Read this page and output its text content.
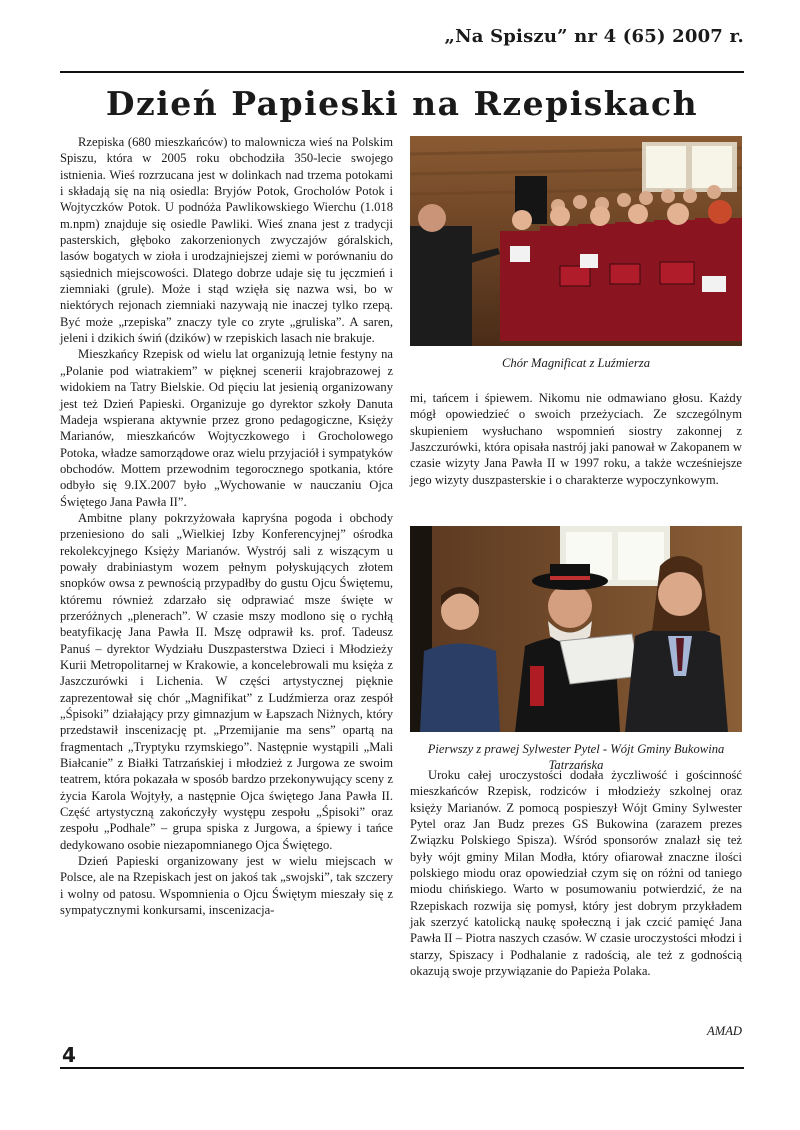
„Na Spiszu” nr 4 (65) 2007 r.
Dzień Papieski na Rzepiskach

Rzepiska (680 mieszkańców) to malownicza wieś na Polskim Spiszu, która w 2005 roku obchodziła 350-lecie swojego istnienia. Wieś rozrzucana jest w dolinkach nad trzema potokami i składają się na nią osiedla: Bryjów Potok, Grocholów Potok i Wojtyczków Potok. U podnóża Pawlikowskiego Wierchu (1.018 m.npm) znajduje się osiedle Pawliki. Wieś znana jest z tradycji pasterskich, głęboko zakorzenionych zwyczajów góralskich, lasów bogatych w zioła i urodzajniejszej ziemi w porównaniu do sąsiednich miejscowości. Dlatego dobrze udaje się tu jęczmień i ziemniaki (grule). Może i stąd wzięła się nazwa wsi, bo w niektórych rejonach ziemniaki nazywają nie inaczej tylko rzepą. Być może „rzepiska” znaczy tyle co zryte „gruliska”. A saren, jeleni i dzikich świń (dzików) w rzepiskich lasach nie brakuje.

Mieszkańcy Rzepisk od wielu lat organizują letnie festyny na „Polanie pod wiatrakiem” w pięknej scenerii krajobrazowej z widokiem na Tatry Bielskie. Od pięciu lat jesienią organizowany jest też Dzień Papieski. Organizuje go dyrektor szkoły Danuta Madeja wspierana aktywnie przez grono pedagogiczne, Księży Marianów, mieszkańców Wojtyczkowego i Grocholowego Potoka, władze samorządowe oraz wielu przyjaciół i sympatyków obchodów. Mottem przewodnim tegorocznego spotkania, które odbyło się 9.IX.2007 było „Wychowanie w nauczaniu Ojca Świętego Jana Pawła II”.

Ambitne plany pokrzyżowała kapryśna pogoda i obchody przeniesiono do sali „Wielkiej Izby Konferencyjnej” ośrodka rekolekcyjnego Księży Marianów. Wystrój sali z wiszącym u powały drabiniastym wozem pełnym połyskujących złotem snopków owsa z pewnością przypadłby do gustu Ojcu Świętemu, któremu również zdarzało się odprawiać msze święte w przeróżnych „plenerach”. W czasie mszy modlono się o rychłą beatyfikację Jana Pawła II. Mszę odprawił ks. prof. Tadeusz Panuś – dyrektor Wydziału Duszpasterstwa Dzieci i Młodzieży Kurii Metropolitarnej w Krakowie, a koncelebrowali mu księża z Jaszczurówki i Lichenia. W części artystycznej pięknie zaprezentował się chór „Magnifikat” z Ludźmierza oraz zespół „Śpisoki” działający przy gimnazjum w Łapszach Niżnych, który przedstawił inscenizację pt. „Przemijanie ma sens” opartą na fragmentach „Tryptyku rzymskiego”. Następnie wystąpili „Mali Białcanie” z Białki Tatrzańskiej i młodzież z Jurgowa ze swoim teatrem, która pokazała w sposób bardzo przekonywujący sceny z życia Karola Wojtyły, a następnie Ojca świętego Jana Pawła II. Część artystyczną zakończyły występu zespołu „Śpisoki” oraz zespołu „Podhale” – grupa spiska z Jurgowa, a śpiewy i tańce dedykowano osobie niezapomnianego Ojca Świętego.

Dzień Papieski organizowany jest w wielu miejscach w Polsce, ale na Rzepiskach jest on jakoś tak „swojski”, tak szczery i wolny od patosu. Wspomnienia o Ojcu Świętym mieszały się z sympatycznymi konkursami, inscenizacja-

Chór Magnificat z Luźmierza

mi, tańcem i śpiewem. Nikomu nie odmawiano głosu. Każdy mógł opowiedzieć o swoich przeżyciach. Ze szczególnym skupieniem wysłuchano wspomnień siostry zakonnej z Jaszczurówki, która opisała nastrój jaki panował w Zakopanem w czasie wizyty Jana Pawła II w 1997 roku, a także wcześniejsze jego wizyty duszpasterskie i o charakterze wypoczynkowym.

Pierwszy z prawej Sylwester Pytel - Wójt Gminy Bukowina Tatrzańska

Uroku całej uroczystości dodała życzliwość i gościnność mieszkańców Rzepisk, rodziców i młodzieży szkolnej oraz księży Marianów. Z pomocą pospieszył Wójt Gminy Sylwester Pytel oraz Jan Budz prezes GS Bukowina (zarazem prezes Związku Polskiego Spisza). Wśród sponsorów znalazł się też były wójt gminy Milan Modła, który ofiarował znaczne ilości polskiego miodu oraz opowiedział czym się on różni od taniego miodu chińskiego. Warto w posumowaniu potwierdzić, że na Rzepiskach rozwija się pomysł, który jest dobrym przykładem jak szerzyć katolicką naukę społeczną i jak czcić pamięć Jana Pawła II – Piotra naszych czasów. W czasie uroczystości młodzi i starzy, Spiszacy i Podhalanie z radością, ale też z godnością okazują swoje przywiązanie do Papieża Polaka.

AMAD
4
